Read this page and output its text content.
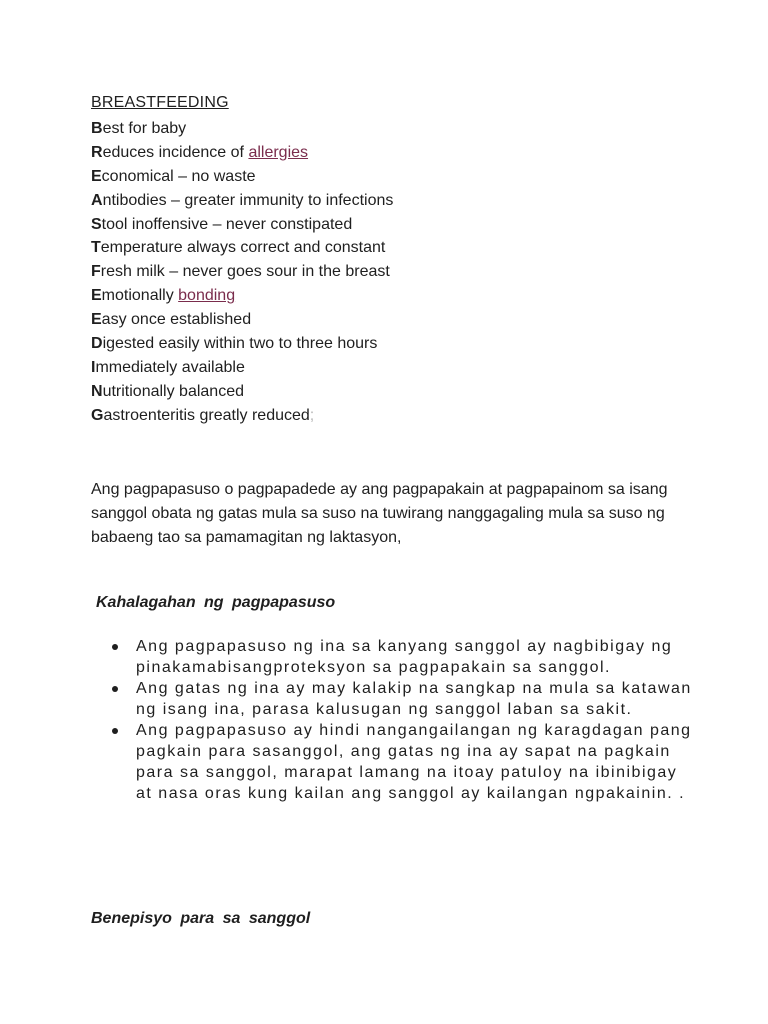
BREASTFEEDING
Best for baby
Reduces incidence of allergies
Economical – no waste
Antibodies – greater immunity to infections
Stool inoffensive – never constipated
Temperature always correct and constant
Fresh milk – never goes sour in the breast
Emotionally bonding
Easy once established
Digested easily within two to three hours
Immediately available
Nutritionally balanced
Gastroenteritis greatly reduced;

Ang pagpapasuso o pagpapadede ay ang pagpapakain at pagpapainom sa isang sanggol obata ng gatas mula sa suso na tuwirang nanggagaling mula sa suso ng babaeng tao sa pamamagitan ng laktasyon,

Kahalagahan ng pagpapasuso
Ang pagpapasuso ng ina sa kanyang sanggol ay nagbibigay ng pinakamabisangproteksyon sa pagpapakain sa sanggol.
Ang gatas ng ina ay may kalakip na sangkap na mula sa katawan ng isang ina, parasa kalusugan ng sanggol laban sa sakit.
Ang pagpapasuso ay hindi nangangailangan ng karagdagan pang pagkain para sasanggol, ang gatas ng ina ay sapat na pagkain para sa sanggol, marapat lamang na itoay patuloy na ibinibigay at nasa oras kung kailan ang sanggol ay kailangan ngpakainin. .
Benepisyo para sa sanggol
